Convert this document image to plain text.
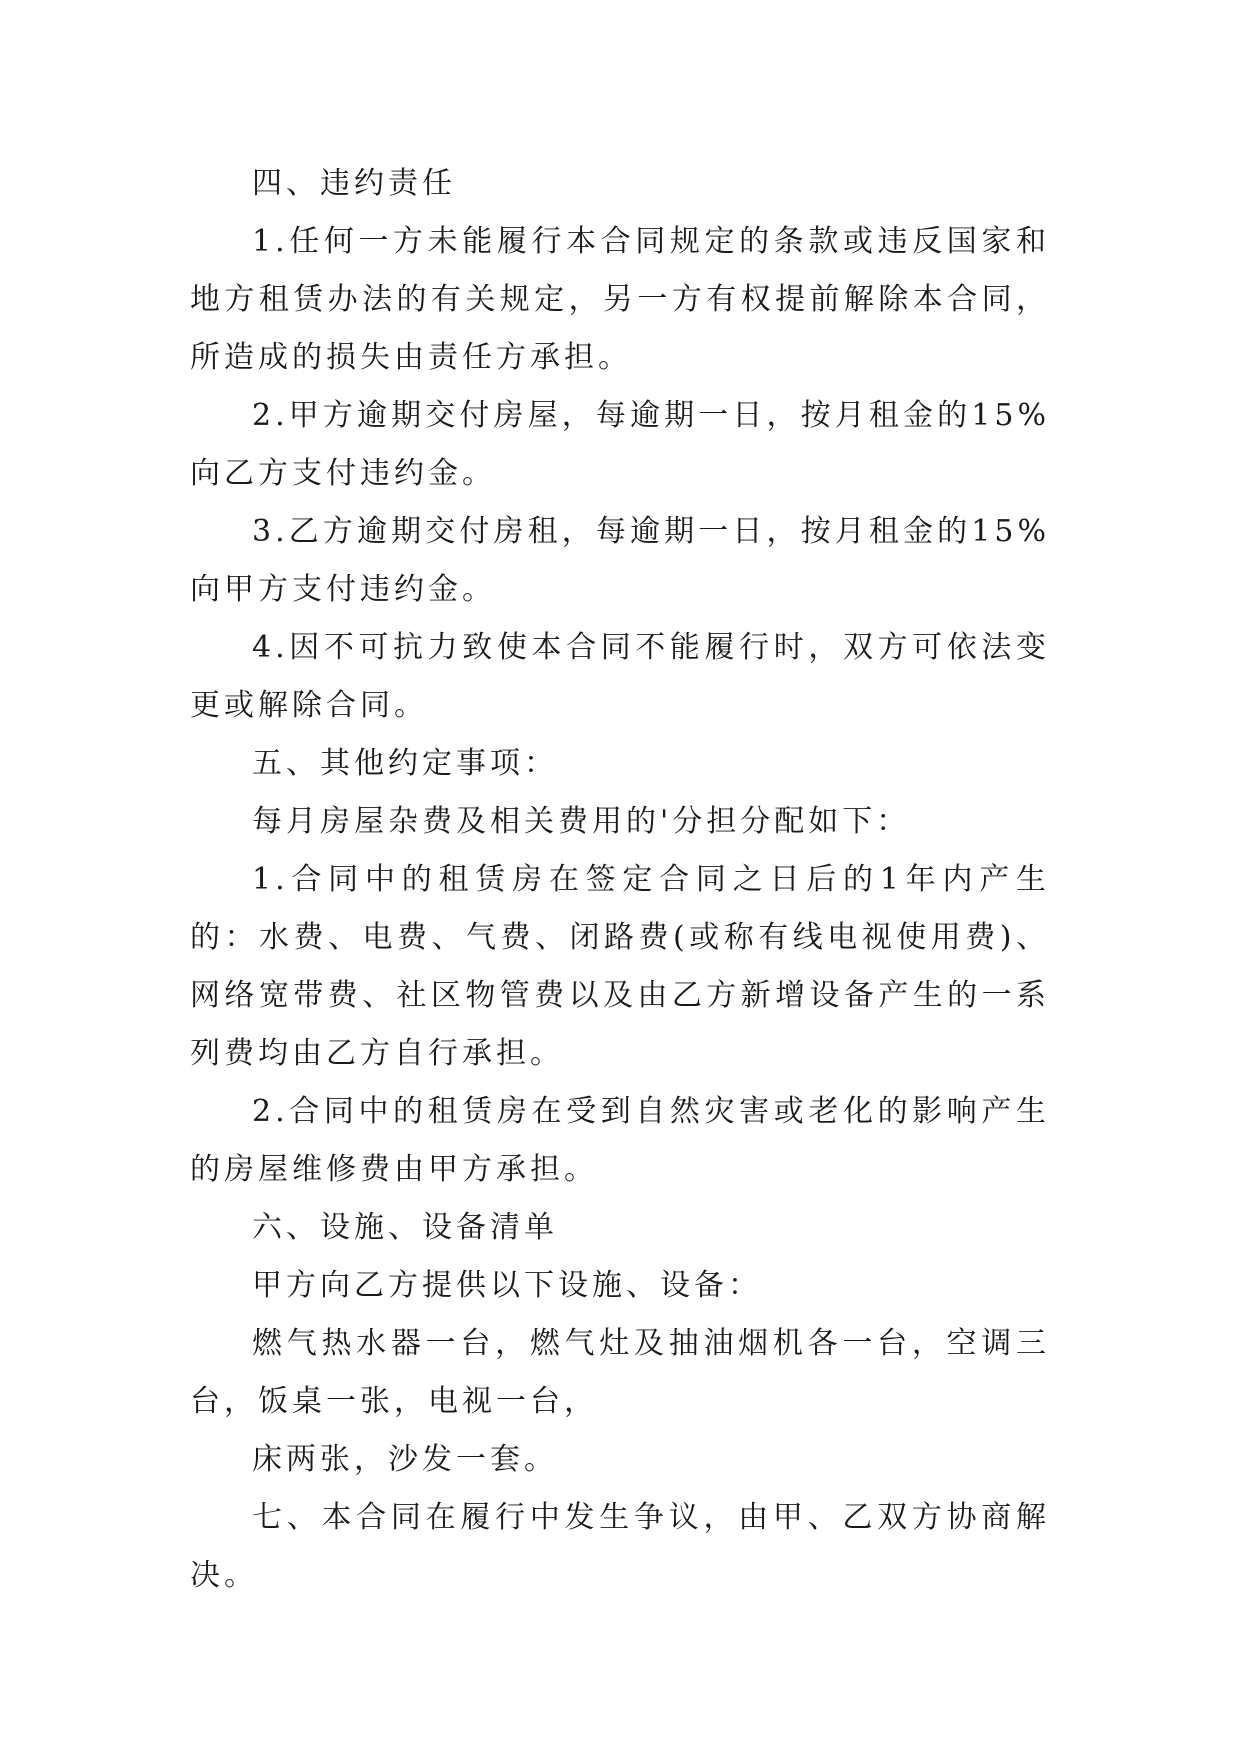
四、违约责任

1.任何一方未能履行本合同规定的条款或违反国家和地方租赁办法的有关规定，另一方有权提前解除本合同，所造成的损失由责任方承担。

2.甲方逾期交付房屋，每逾期一日，按月租金的15%向乙方支付违约金。

3.乙方逾期交付房租，每逾期一日，按月租金的15%向甲方支付违约金。

4.因不可抗力致使本合同不能履行时，双方可依法变更或解除合同。

五、其他约定事项：

每月房屋杂费及相关费用的'分担分配如下：

1.合同中的租赁房在签定合同之日后的1年内产生的：水费、电费、气费、闭路费(或称有线电视使用费)、网络宽带费、社区物管费以及由乙方新增设备产生的一系列费均由乙方自行承担。

2.合同中的租赁房在受到自然灾害或老化的影响产生的房屋维修费由甲方承担。

六、设施、设备清单

甲方向乙方提供以下设施、设备：

燃气热水器一台，燃气灶及抽油烟机各一台，空调三台，饭桌一张，电视一台，

床两张，沙发一套。

七、本合同在履行中发生争议，由甲、乙双方协商解决。
